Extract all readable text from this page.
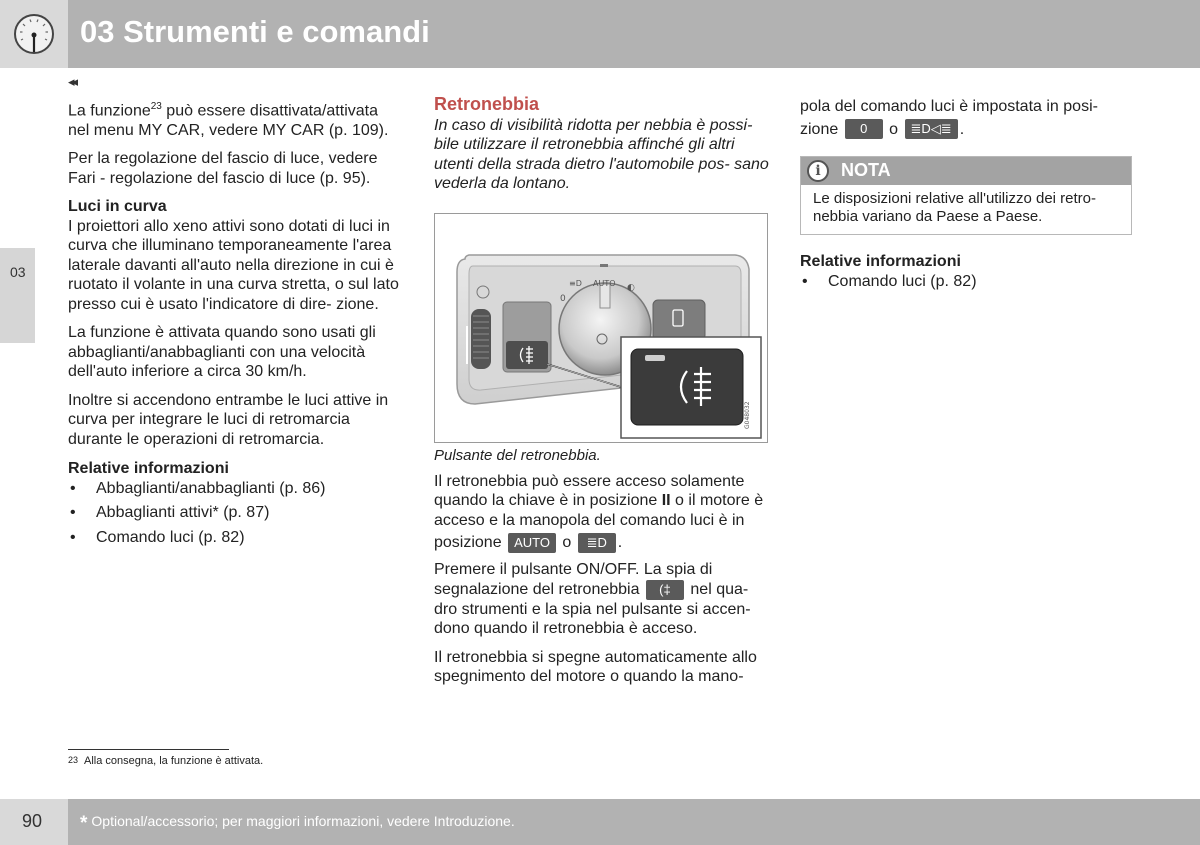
03 Strumenti e comandi
◂◂
03

La funzione$^{23}$ può essere disattivata/attivata nel menu MY CAR, vedere MY CAR (p. 109).

Per la regolazione del fascio di luce, vedere Fari - regolazione del fascio di luce (p. 95).

Luci in curva

I proiettori allo xeno attivi sono dotati di luci in curva che illuminano temporaneamente l'area laterale davanti all'auto nella direzione in cui è ruotato il volante in una curva stretta, o sul lato presso cui è usato l'indicatore di dire- zione.

La funzione è attivata quando sono usati gli abbaglianti/anabbaglianti con una velocità dell'auto inferiore a circa 30 km/h.

Inoltre si accendono entrambe le luci attive in curva per integrare le luci di retromarcia durante le operazioni di retromarcia.

Relative informazioni
• Abbaglianti/anabbaglianti (p. 86)
• Abbaglianti attivi* (p. 87)
• Comando luci (p. 82)
Retronebbia

In caso di visibilità ridotta per nebbia è possi- bile utilizzare il retronebbia affinché gli altri utenti della strada dietro l'automobile pos- sano vederla da lontano.

≡D AUTO
0
◐
G048032

Pulsante del retronebbia.

Il retronebbia può essere acceso solamente quando la chiave è in posizione II o il motore è acceso e la manopola del comando luci è in

posizione AUTO o ≣D .

Premere il pulsante ON/OFF. La spia di

segnalazione del retronebbia (‡ nel qua- dro strumenti e la spia nel pulsante si accen- dono quando il retronebbia è acceso.

Il retronebbia si spegne automaticamente allo spegnimento del motore o quando la mano-

pola del comando luci è impostata in posi-

zione 0 o ≣D◁≣ .

i	NOTA
Le disposizioni relative all'utilizzo dei retro- nebbia variano da Paese a Paese.
Relative informazioni
• Comando luci (p. 82)
$^{23}$ Alla consegna, la funzione è attivata.
90 * Optional/accessorio; per maggiori informazioni, vedere Introduzione.
